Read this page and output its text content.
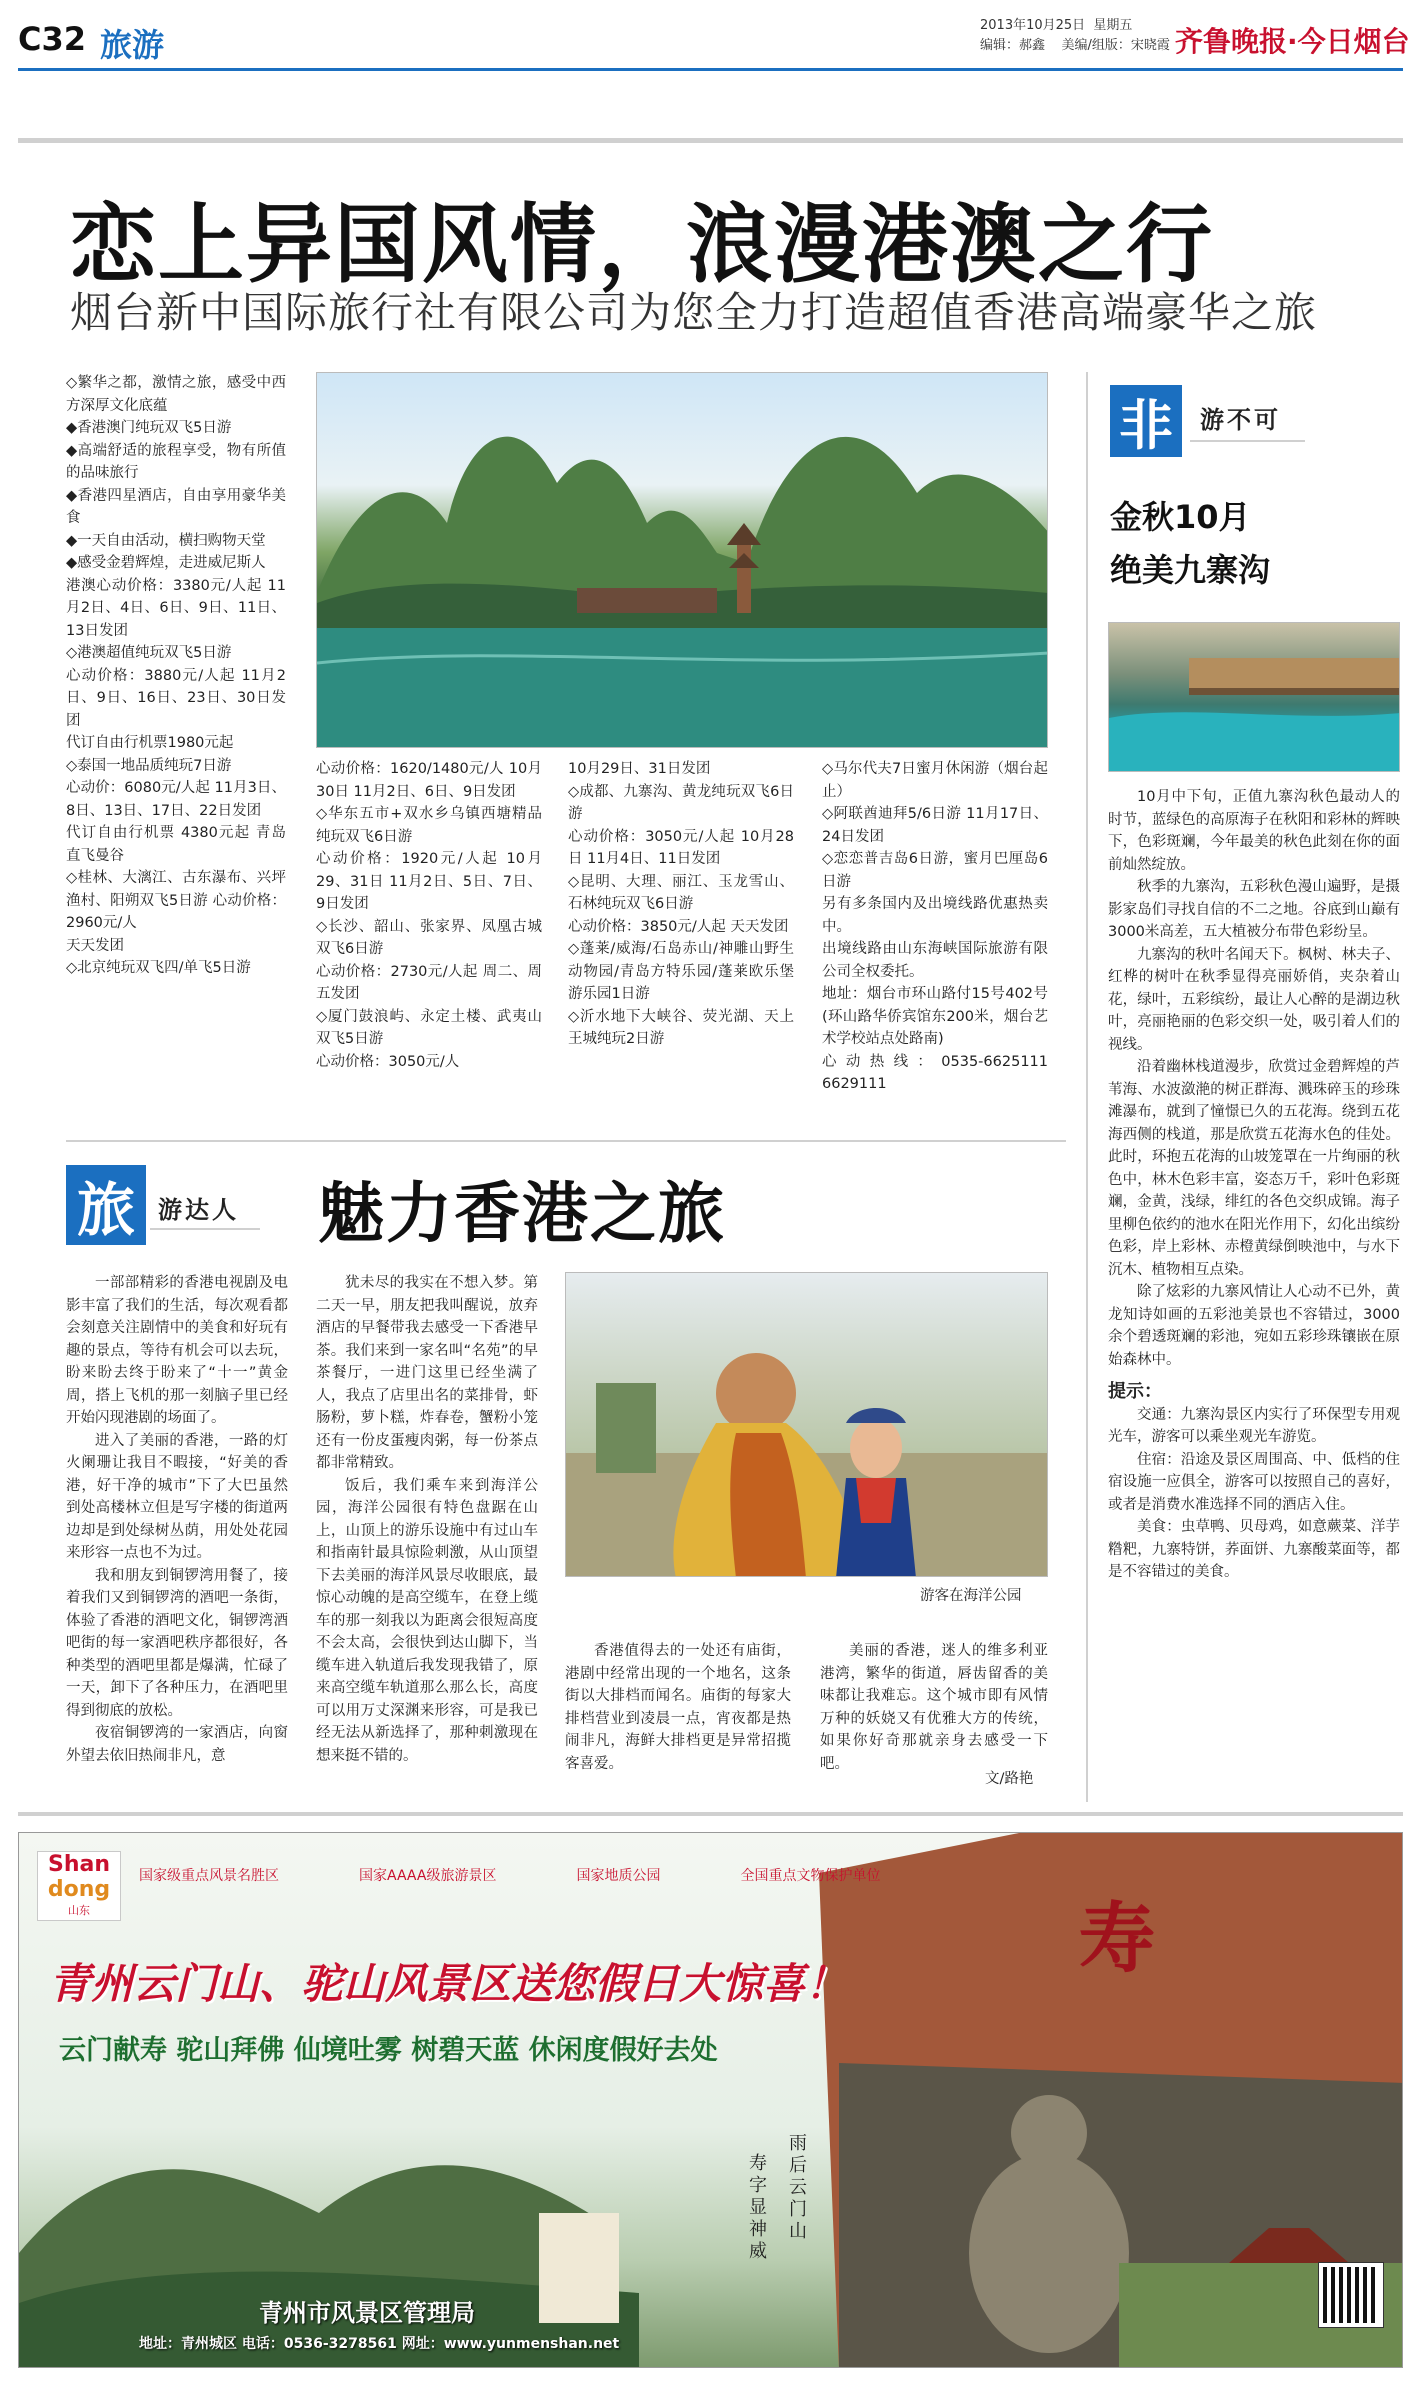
C32 旅游
2013年10月25日  星期五
编辑：郝鑫    美编/组版：宋晓霞 齐鲁晚报·今日烟台
恋上异国风情，浪漫港澳之行
烟台新中国际旅行社有限公司为您全力打造超值香港高端豪华之旅

◇繁华之都，激情之旅，感受中西方深厚文化底蕴

◆香港澳门纯玩双飞5日游

◆高端舒适的旅程享受，物有所值的品味旅行

◆香港四星酒店，自由享用豪华美食

◆一天自由活动，横扫购物天堂

◆感受金碧辉煌，走进威尼斯人

港澳心动价格：3380元/人起 11月2日、4日、6日、9日、11日、13日发团

◇港澳超值纯玩双飞5日游

心动价格：3880元/人起 11月2日、9日、16日、23日、30日发团

代订自由行机票1980元起

◇泰国一地品质纯玩7日游

心动价：6080元/人起 11月3日、8日、13日、17日、22日发团

代订自由行机票 4380元起 青岛直飞曼谷

◇桂林、大漓江、古东瀑布、兴坪渔村、阳朔双飞5日游 心动价格：2960元/人

天天发团

◇北京纯玩双飞四/单飞5日游

心动价格：1620/1480元/人 10月30日 11月2日、6日、9日发团

◇华东五市+双水乡乌镇西塘精品纯玩双飞6日游

心动价格：1920元/人起 10月29、31日 11月2日、5日、7日、9日发团

◇长沙、韶山、张家界、凤凰古城双飞6日游

心动价格：2730元/人起 周二、周五发团

◇厦门鼓浪屿、永定土楼、武夷山双飞5日游

心动价格：3050元/人

10月29日、31日发团

◇成都、九寨沟、黄龙纯玩双飞6日游

心动价格：3050元/人起 10月28日 11月4日、11日发团

◇昆明、大理、丽江、玉龙雪山、石林纯玩双飞6日游

心动价格：3850元/人起 天天发团

◇蓬莱/威海/石岛赤山/神雕山野生动物园/青岛方特乐园/蓬莱欧乐堡游乐园1日游

◇沂水地下大峡谷、荧光湖、天上王城纯玩2日游

◇马尔代夫7日蜜月休闲游（烟台起止）

◇阿联酋迪拜5/6日游 11月17日、24日发团

◇恋恋普吉岛6日游，蜜月巴厘岛6日游

另有多条国内及出境线路优惠热卖中。

出境线路由山东海峡国际旅游有限公司全权委托。

地址：烟台市环山路付15号402号(环山路华侨宾馆东200米，烟台艺术学校站点处路南)

心动热线：0535-6625111 6629111

非	游不可
金秋10月
绝美九寨沟

10月中下旬，正值九寨沟秋色最动人的时节，蓝绿色的高原海子在秋阳和彩林的辉映下，色彩斑斓，今年最美的秋色此刻在你的面前灿然绽放。

秋季的九寨沟，五彩秋色漫山遍野，是摄影家岛们寻找自信的不二之地。谷底到山巅有3000米高差，五大植被分布带色彩纷呈。

九寨沟的秋叶名闻天下。枫树、林夫子、红桦的树叶在秋季显得亮丽娇俏，夹杂着山花，绿叶，五彩缤纷，最让人心醉的是湖边秋叶，亮丽艳丽的色彩交织一处，吸引着人们的视线。

沿着幽林栈道漫步，欣赏过金碧辉煌的芦苇海、水波潋滟的树正群海、溅珠碎玉的珍珠滩瀑布，就到了憧憬已久的五花海。绕到五花海西侧的栈道，那是欣赏五花海水色的佳处。此时，环抱五花海的山坡笼罩在一片绚丽的秋色中，林木色彩丰富，姿态万千，彩叶色彩斑斓，金黄，浅绿，绯红的各色交织成锦。海子里柳色依约的池水在阳光作用下，幻化出缤纷色彩，岸上彩林、赤橙黄绿倒映池中，与水下沉木、植物相互点染。

除了炫彩的九寨风情让人心动不已外，黄龙知诗如画的五彩池美景也不容错过，3000余个碧透斑斓的彩池，宛如五彩珍珠镶嵌在原始森林中。

提示：

交通：九寨沟景区内实行了环保型专用观光车，游客可以乘坐观光车游览。

住宿：沿途及景区周围高、中、低档的住宿设施一应俱全，游客可以按照自己的喜好，或者是消费水准选择不同的酒店入住。

美食：虫草鸭、贝母鸡，如意蕨菜、洋芋糌粑，九寨特饼，荞面饼、九寨酸菜面等，都是不容错过的美食。

旅 游达人 魅力香港之旅

一部部精彩的香港电视剧及电影丰富了我们的生活，每次观看都会刻意关注剧情中的美食和好玩有趣的景点，等待有机会可以去玩，盼来盼去终于盼来了“十一”黄金周，搭上飞机的那一刻脑子里已经开始闪现港剧的场面了。

进入了美丽的香港，一路的灯火阑珊让我目不暇接，“好美的香港，好干净的城市”下了大巴虽然到处高楼林立但是写字楼的街道两边却是到处绿树丛荫，用处处花园来形容一点也不为过。

我和朋友到铜锣湾用餐了，接着我们又到铜锣湾的酒吧一条街，体验了香港的酒吧文化，铜锣湾酒吧街的每一家酒吧秩序都很好，各种类型的酒吧里都是爆满，忙碌了一天，卸下了各种压力，在酒吧里得到彻底的放松。

夜宿铜锣湾的一家酒店，向窗外望去依旧热闹非凡，意

犹未尽的我实在不想入梦。第二天一早，朋友把我叫醒说，放弃酒店的早餐带我去感受一下香港早茶。我们来到一家名叫“名苑”的早茶餐厅，一进门这里已经坐满了人，我点了店里出名的菜排骨，虾肠粉，萝卜糕，炸春卷，蟹粉小笼还有一份皮蛋瘦肉粥，每一份茶点都非常精致。

饭后，我们乘车来到海洋公园，海洋公园很有特色盘踞在山上，山顶上的游乐设施中有过山车和指南针最具惊险刺激，从山顶望下去美丽的海洋风景尽收眼底，最惊心动魄的是高空缆车，在登上缆车的那一刻我以为距离会很短高度不会太高，会很快到达山脚下，当缆车进入轨道后我发现我错了，原来高空缆车轨道那么那么长，高度可以用万丈深渊来形容，可是我已经无法从新选择了，那种刺激现在想来挺不错的。

游客在海洋公园

香港值得去的一处还有庙街，港剧中经常出现的一个地名，这条街以大排档而闻名。庙街的每家大排档营业到凌晨一点，宵夜都是热闹非凡，海鲜大排档更是异常招揽客喜爱。

美丽的香港，迷人的维多利亚港湾，繁华的街道，唇齿留香的美味都让我难忘。这个城市即有风情万种的妖娆又有优雅大方的传统，如果你好奇那就亲身去感受一下吧。

文/路艳
Shan
dong
山东
国家级重点风景名胜区	国家AAAA级旅游景区	国家地质公园	全国重点文物保护单位
青州云门山、驼山风景区送您假日大惊喜！
云门献寿 驼山拜佛 仙境吐雾 树碧天蓝 休闲度假好去处
寿
雨后云门山
寿字显神威
青州市风景区管理局
地址：青州城区 电话：0536-3278561 网址：www.yunmenshan.net
